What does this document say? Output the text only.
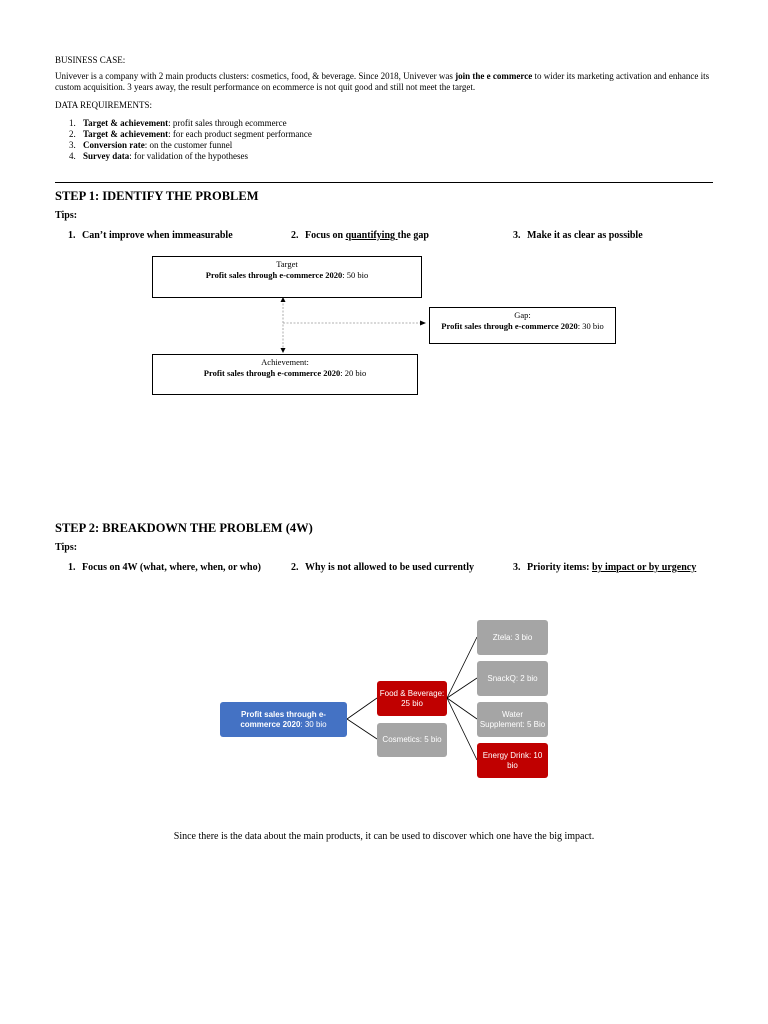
BUSINESS CASE:
Univever is a company with 2 main products clusters: cosmetics, food, & beverage. Since 2018, Univever was join the e commerce to wider its marketing activation and enhance its custom acquisition. 3 years away, the result performance on ecommerce is not quit good and still not meet the target.
DATA REQUIREMENTS:
1. Target & achievement: profit sales through ecommerce
2. Target & achievement: for each product segment performance
3. Conversion rate: on the customer funnel
4. Survey data: for validation of the hypotheses
STEP 1: IDENTIFY THE PROBLEM
Tips:
1. Can’t improve when immeasurable	2. Focus on quantifying the gap	3. Make it as clear as possible
Target
Profit sales through e-commerce 2020: 50 bio
Gap:
Profit sales through e-commerce 2020: 30 bio
Achievement:
Profit sales through e-commerce 2020: 20 bio
STEP 2: BREAKDOWN THE PROBLEM (4W)
Tips:
1. Focus on 4W (what, where, when, or who)	2. Why is not allowed to be used currently	3. Priority items: by impact or by urgency
Profit sales through e-commerce 2020: 30 bio
Food & Beverage: 25 bio
Cosmetics: 5 bio
Ztela: 3 bio
SnackQ: 2 bio
Water Supplement: 5 Bio
Energy Drink: 10 bio
Since there is the data about the main products, it can be used to discover which one have the big impact.
